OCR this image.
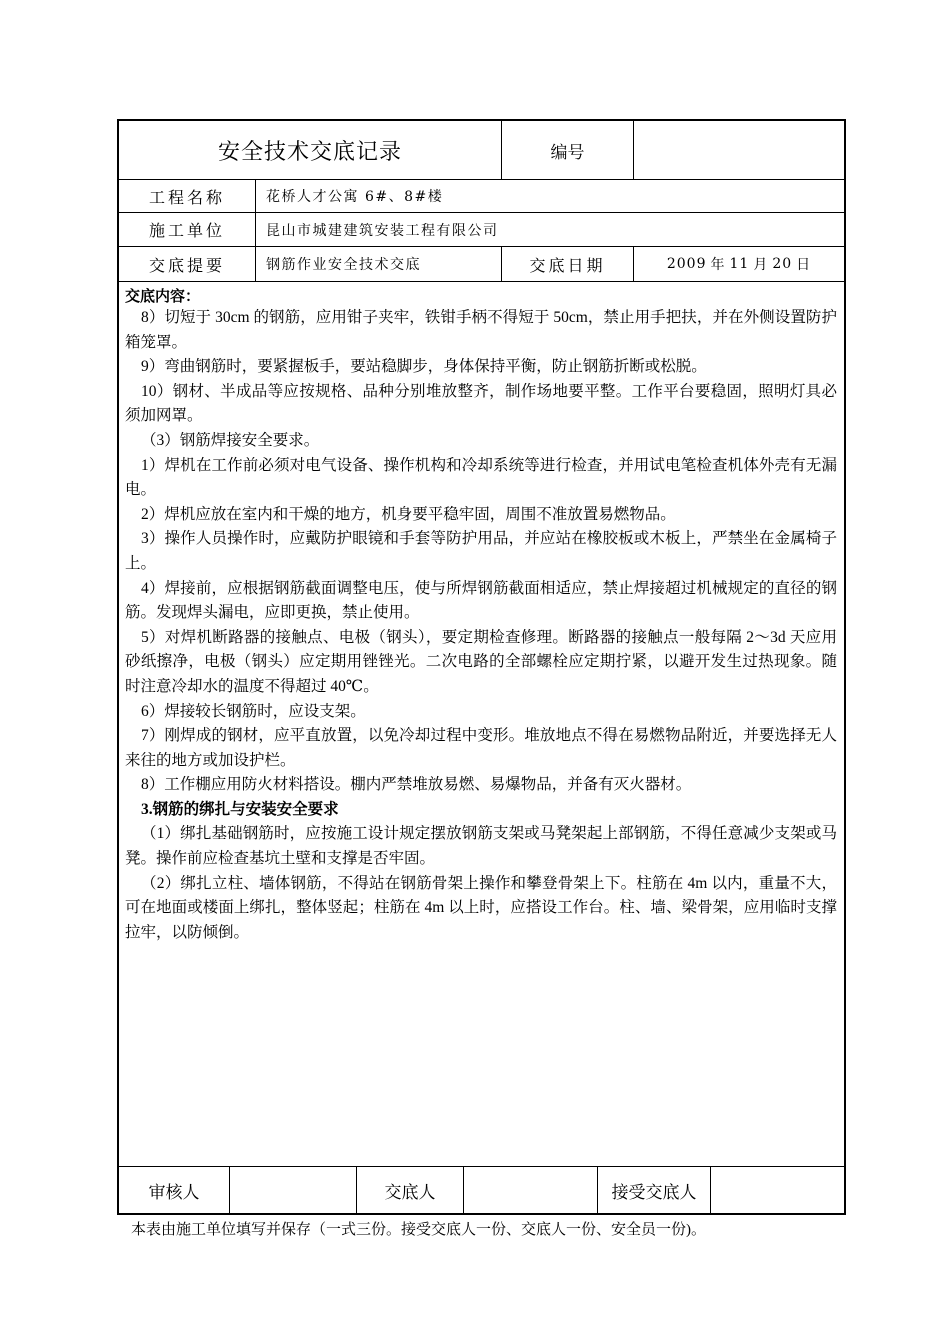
安全技术交底记录	编号
工程名称	花桥人才公寓 6#、8#楼
施工单位	昆山市城建建筑安装工程有限公司
交底提要	钢筋作业安全技术交底	交底日期	2009 年 11 月 20 日
交底内容：

8）切短于 30cm 的钢筋，应用钳子夹牢，铁钳手柄不得短于 50cm，禁止用手把扶，并在外侧设置防护箱笼罩。

9）弯曲钢筋时，要紧握板手，要站稳脚步，身体保持平衡，防止钢筋折断或松脱。

10）钢材、半成品等应按规格、品种分别堆放整齐，制作场地要平整。工作平台要稳固，照明灯具必须加网罩。

（3）钢筋焊接安全要求。

1）焊机在工作前必须对电气设备、操作机构和冷却系统等进行检查，并用试电笔检查机体外壳有无漏电。

2）焊机应放在室内和干燥的地方，机身要平稳牢固，周围不准放置易燃物品。

3）操作人员操作时，应戴防护眼镜和手套等防护用品，并应站在橡胶板或木板上，严禁坐在金属椅子上。

4）焊接前，应根据钢筋截面调整电压，使与所焊钢筋截面相适应，禁止焊接超过机械规定的直径的钢筋。发现焊头漏电，应即更换，禁止使用。

5）对焊机断路器的接触点、电极（钢头），要定期检查修理。断路器的接触点一般每隔 2～3d 天应用砂纸擦净，电极（钢头）应定期用锉锉光。二次电路的全部螺栓应定期拧紧，以避开发生过热现象。随时注意冷却水的温度不得超过 40℃。

6）焊接较长钢筋时，应设支架。

7）刚焊成的钢材，应平直放置，以免冷却过程中变形。堆放地点不得在易燃物品附近，并要选择无人来往的地方或加设护栏。

8）工作棚应用防火材料搭设。棚内严禁堆放易燃、易爆物品，并备有灭火器材。

3.钢筋的绑扎与安装安全要求

（1）绑扎基础钢筋时，应按施工设计规定摆放钢筋支架或马凳架起上部钢筋，不得任意减少支架或马凳。操作前应检查基坑土壁和支撑是否牢固。

（2）绑扎立柱、墙体钢筋，不得站在钢筋骨架上操作和攀登骨架上下。柱筋在 4m 以内，重量不大，可在地面或楼面上绑扎，整体竖起；柱筋在 4m 以上时，应搭设工作台。柱、墙、梁骨架，应用临时支撑拉牢，以防倾倒。

审核人	交底人	接受交底人
本表由施工单位填写并保存（一式三份。接受交底人一份、交底人一份、安全员一份)。
